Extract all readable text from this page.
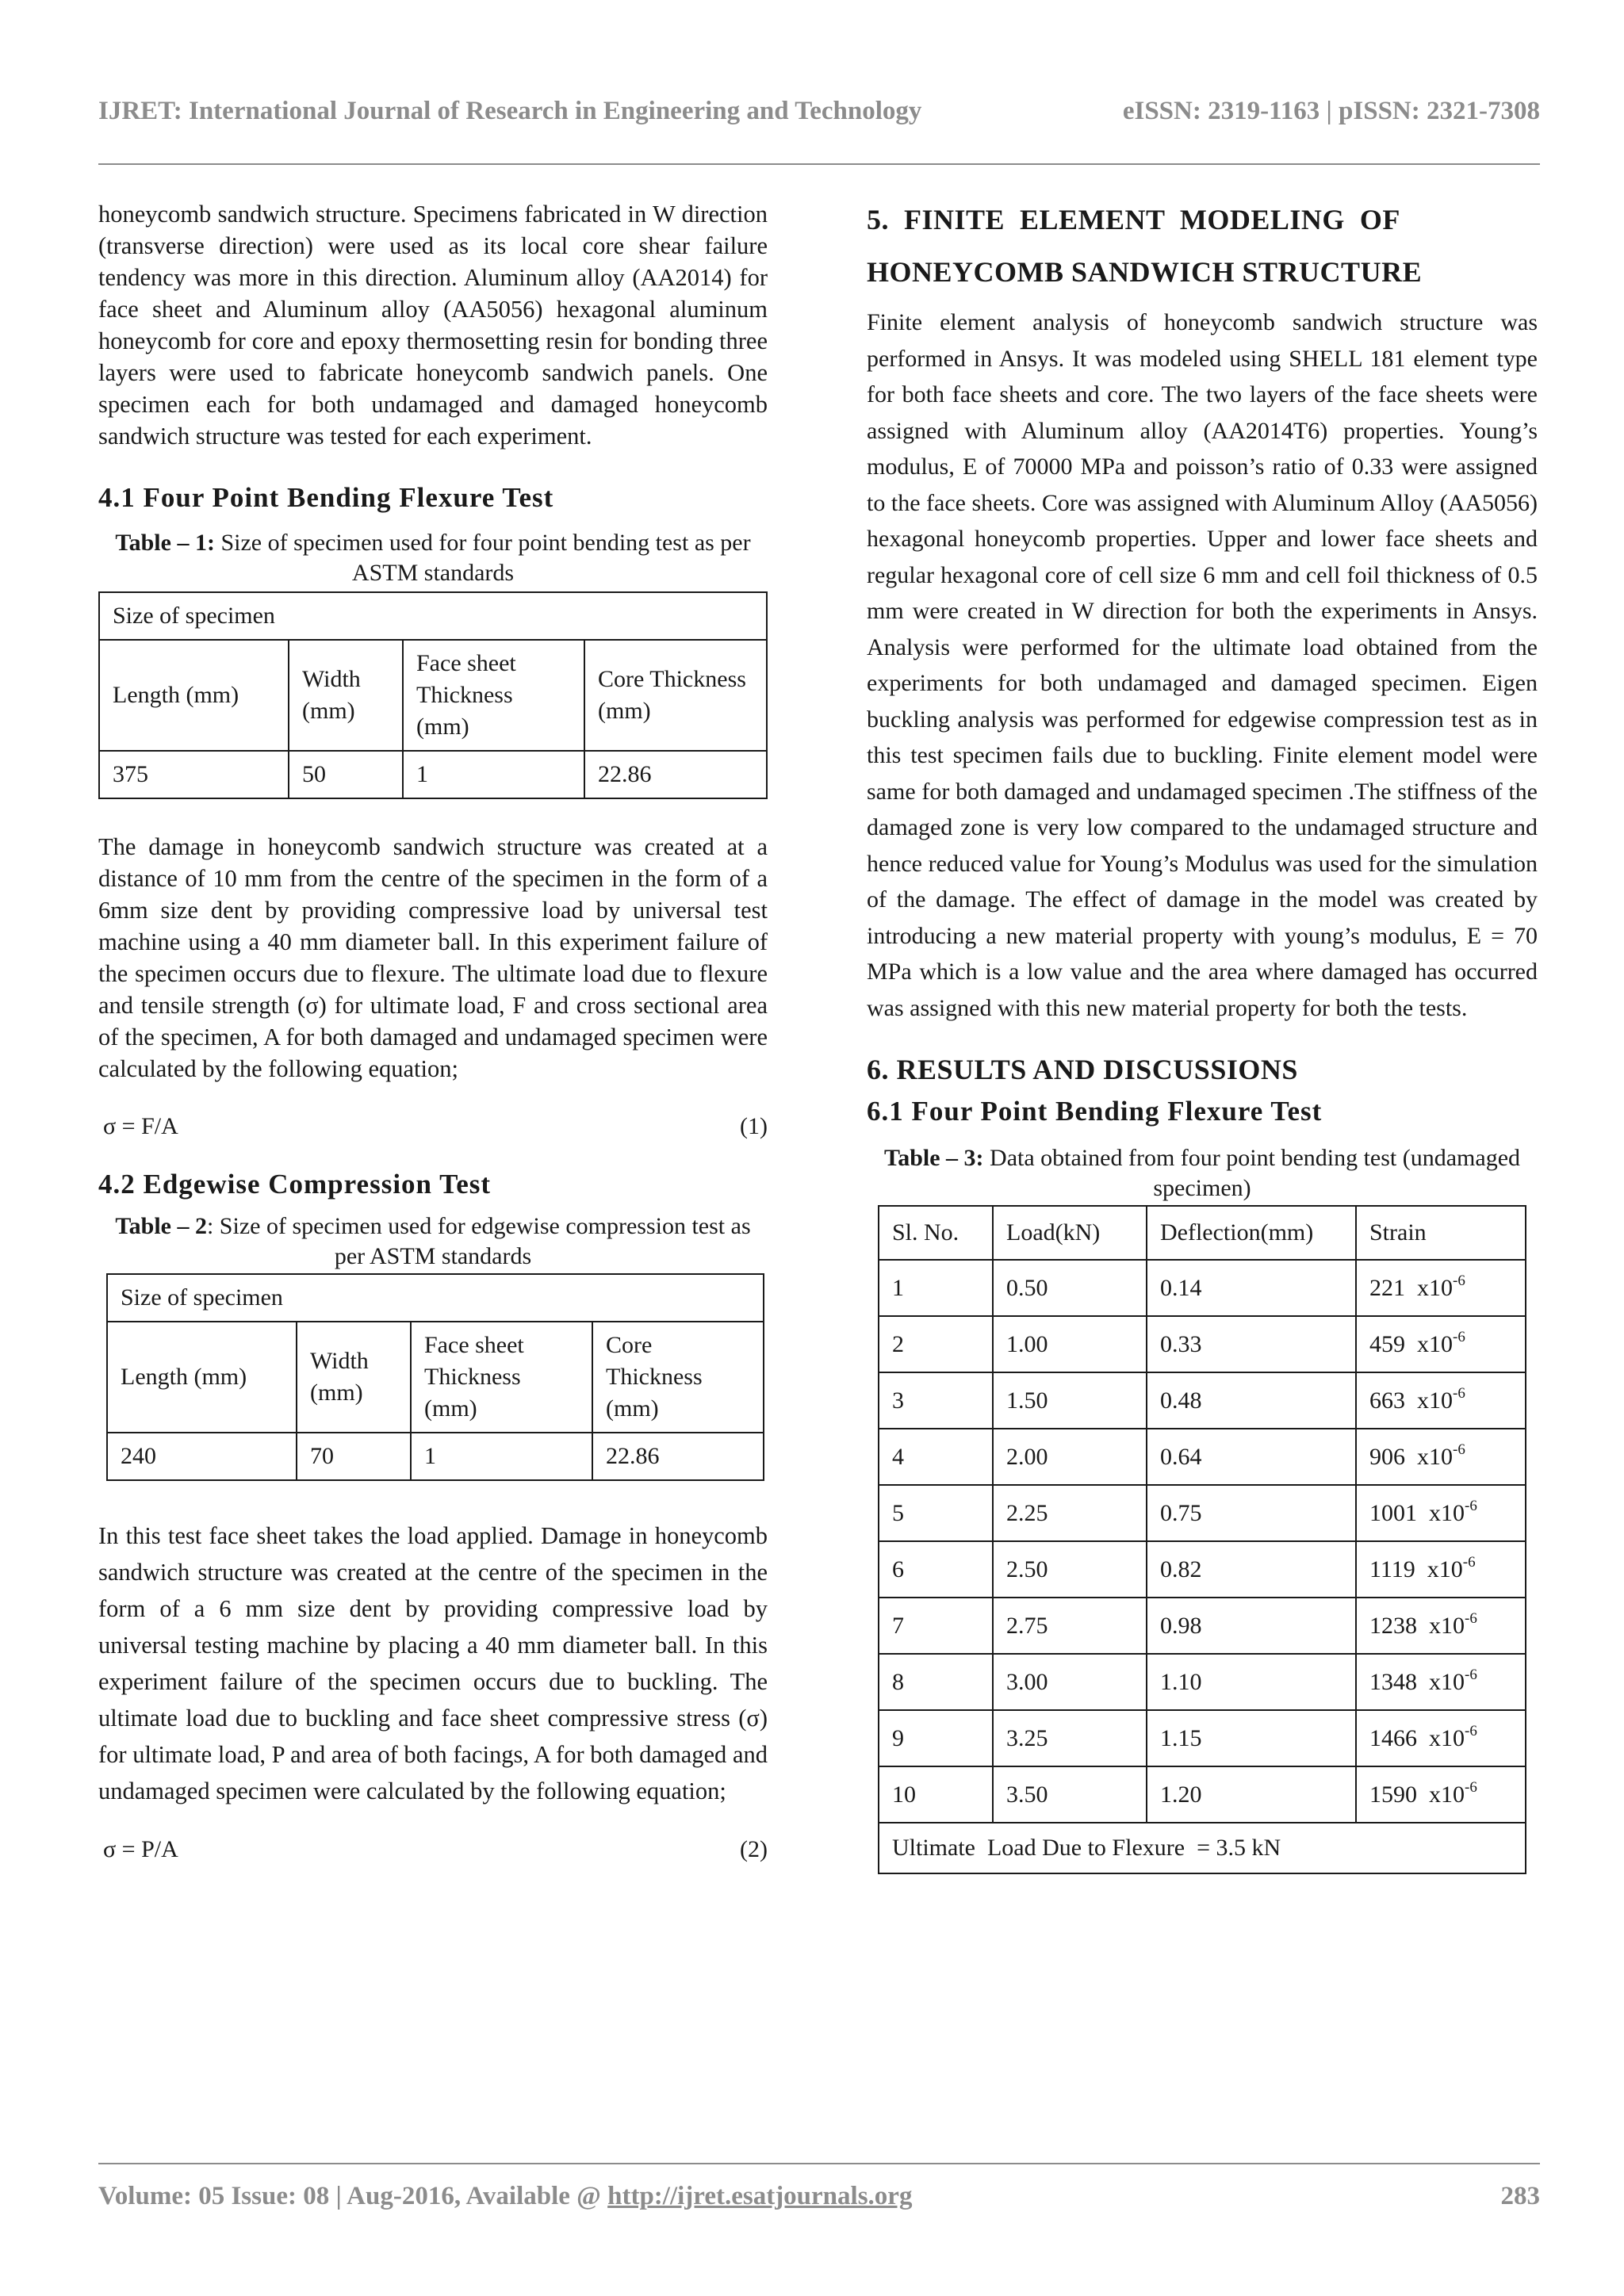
IJRET: International Journal of Research in Engineering and Technology	eISSN: 2319-1163 | pISSN: 2321-7308

honeycomb sandwich structure. Specimens fabricated in W direction (transverse direction) were used as its local core shear failure tendency was more in this direction. Aluminum alloy (AA2014) for face sheet and Aluminum alloy (AA5056) hexagonal aluminum honeycomb for core and epoxy thermosetting resin for bonding three layers were used to fabricate honeycomb sandwich panels. One specimen each for both undamaged and damaged honeycomb sandwich structure was tested for each experiment.

4.1 Four Point Bending Flexure Test

Table – 1: Size of specimen used for four point bending test as per ASTM standards

Size of specimen			
Length (mm)	Width (mm)	Face sheet Thickness (mm)	Core Thickness (mm)
375	50	1	22.86

The damage in honeycomb sandwich structure was created at a distance of 10 mm from the centre of the specimen in the form of a 6mm size dent by providing compressive load by universal test machine using a 40 mm diameter ball. In this experiment failure of the specimen occurs due to flexure. The ultimate load due to flexure and tensile strength (σ) for ultimate load, F and cross sectional area of the specimen, A for both damaged and undamaged specimen were calculated by the following equation;

σ = F/A	(1)
4.2 Edgewise Compression Test

Table – 2: Size of specimen used for edgewise compression test as per ASTM standards

Size of specimen			
Length (mm)	Width (mm)	Face sheet Thickness (mm)	Core Thickness (mm)
240	70	1	22.86

In this test face sheet takes the load applied. Damage in honeycomb sandwich structure was created at the centre of the specimen in the form of a 6 mm size dent by providing compressive load by universal testing machine by placing a 40 mm diameter ball. In this experiment failure of the specimen occurs due to buckling. The ultimate load due to buckling and face sheet compressive stress (σ) for ultimate load, P and area of both facings, A for both damaged and undamaged specimen were calculated by the following equation;

σ = P/A	(2)
5.  FINITE  ELEMENT  MODELING  OF
HONEYCOMB SANDWICH STRUCTURE

Finite element analysis of honeycomb sandwich structure was performed in Ansys. It was modeled using SHELL 181 element type for both face sheets and core. The two layers of the face sheets were assigned with Aluminum alloy (AA2014T6) properties. Young’s modulus, E of 70000 MPa and poisson’s ratio of 0.33 were assigned to the face sheets. Core was assigned with Aluminum Alloy (AA5056) hexagonal honeycomb properties. Upper and lower face sheets and regular hexagonal core of cell size 6 mm and cell foil thickness of 0.5 mm were created in W direction for both the experiments in Ansys. Analysis were performed for the ultimate load obtained from the experiments for both undamaged and damaged specimen. Eigen buckling analysis was performed for edgewise compression test as in this test specimen fails due to buckling. Finite element model were same for both damaged and undamaged specimen .The stiffness of the damaged zone is very low compared to the undamaged structure and hence reduced value for Young’s Modulus was used for the simulation of the damage. The effect of damage in the model was created by introducing a new material property with young’s modulus, E = 70 MPa which is a low value and the area where damaged has occurred was assigned with this new material property for both the tests.

6. RESULTS AND DISCUSSIONS
6.1 Four Point Bending Flexure Test

Table – 3: Data obtained from four point bending test (undamaged specimen)

Sl. No.	Load(kN)	Deflection(mm)	Strain
1	0.50	0.14	221  $x10^{-6}$
2	1.00	0.33	459  $x10^{-6}$
3	1.50	0.48	663  $x10^{-6}$
4	2.00	0.64	906  $x10^{-6}$
5	2.25	0.75	1001  $x10^{-6}$
6	2.50	0.82	1119  $x10^{-6}$
7	2.75	0.98	1238  $x10^{-6}$
8	3.00	1.10	1348  $x10^{-6}$
9	3.25	1.15	1466  $x10^{-6}$
10	3.50	1.20	1590  $x10^{-6}$
Ultimate  Load Due to Flexure  = 3.5 kN			
Volume: 05 Issue: 08 | Aug-2016, Available @ http://ijret.esatjournals.org	283
